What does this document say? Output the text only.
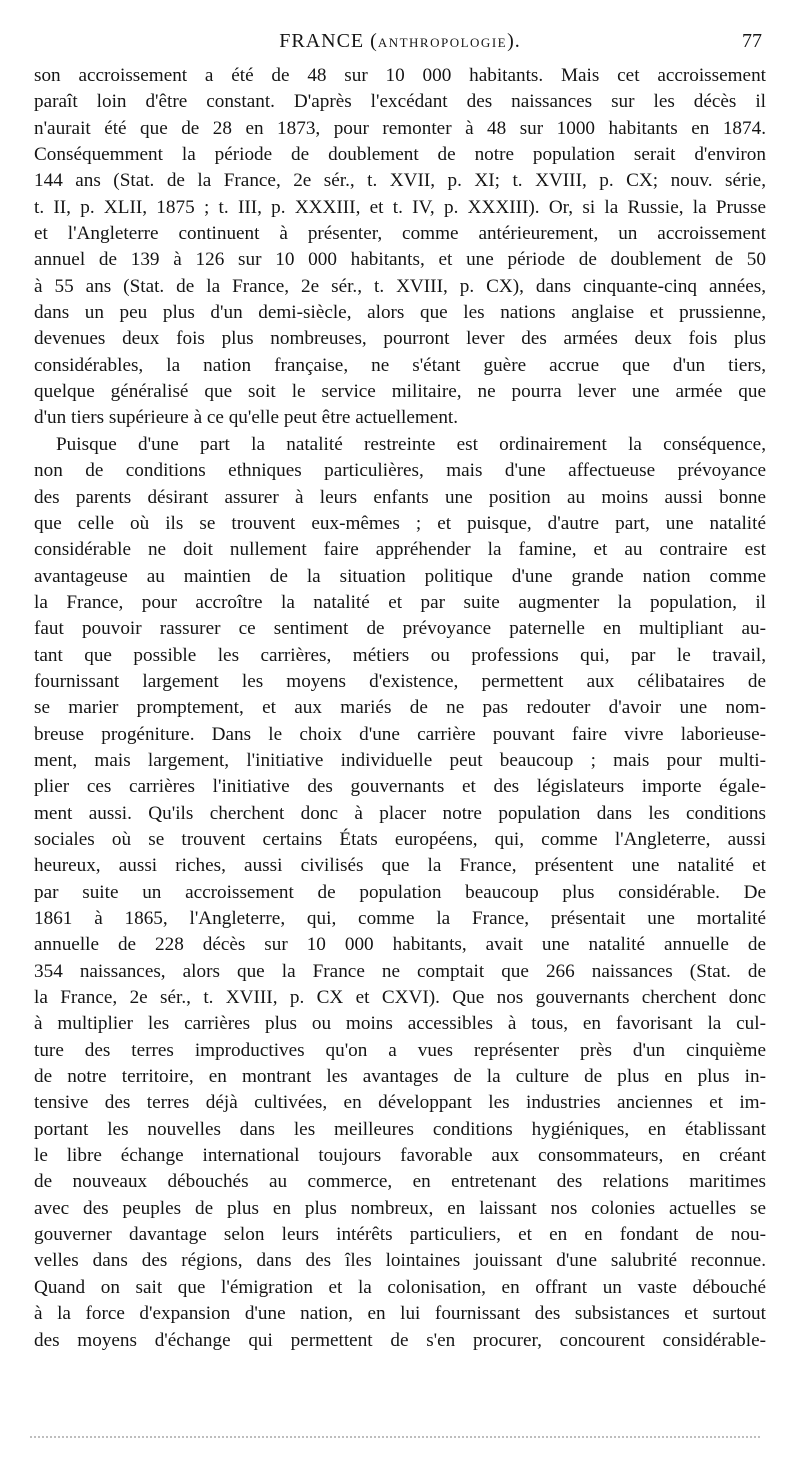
FRANCE (ANTHROPOLOGIE).	77
son accroissement a été de 48 sur 10 000 habitants. Mais cet accroissement
paraît loin d'être constant. D'après l'excédant des naissances sur les décès il
n'aurait été que de 28 en 1873, pour remonter à 48 sur 1000 habitants en 1874.
Conséquemment la période de doublement de notre population serait d'environ
144 ans (Stat. de la France, 2e sér., t. XVII, p. XI; t. XVIII, p. CX; nouv. série,
t. II, p. XLII, 1875 ; t. III, p. XXXIII, et t. IV, p. XXXIII). Or, si la Russie, la Prusse
et l'Angleterre continuent à présenter, comme antérieurement, un accroissement
annuel de 139 à 126 sur 10 000 habitants, et une période de doublement de 50
à 55 ans (Stat. de la France, 2e sér., t. XVIII, p. CX), dans cinquante-cinq années,
dans un peu plus d'un demi-siècle, alors que les nations anglaise et prussienne,
devenues deux fois plus nombreuses, pourront lever des armées deux fois plus
considérables, la nation française, ne s'étant guère accrue que d'un tiers,
quelque généralisé que soit le service militaire, ne pourra lever une armée que
d'un tiers supérieure à ce qu'elle peut être actuellement.
Puisque d'une part la natalité restreinte est ordinairement la conséquence,
non de conditions ethniques particulières, mais d'une affectueuse prévoyance
des parents désirant assurer à leurs enfants une position au moins aussi bonne
que celle où ils se trouvent eux-mêmes ; et puisque, d'autre part, une natalité
considérable ne doit nullement faire appréhender la famine, et au contraire est
avantageuse au maintien de la situation politique d'une grande nation comme
la France, pour accroître la natalité et par suite augmenter la population, il
faut pouvoir rassurer ce sentiment de prévoyance paternelle en multipliant au-
tant que possible les carrières, métiers ou professions qui, par le travail,
fournissant largement les moyens d'existence, permettent aux célibataires de
se marier promptement, et aux mariés de ne pas redouter d'avoir une nom-
breuse progéniture. Dans le choix d'une carrière pouvant faire vivre laborieuse-
ment, mais largement, l'initiative individuelle peut beaucoup ; mais pour multi-
plier ces carrières l'initiative des gouvernants et des législateurs importe égale-
ment aussi. Qu'ils cherchent donc à placer notre population dans les conditions
sociales où se trouvent certains États européens, qui, comme l'Angleterre, aussi
heureux, aussi riches, aussi civilisés que la France, présentent une natalité et
par suite un accroissement de population beaucoup plus considérable. De
1861 à 1865, l'Angleterre, qui, comme la France, présentait une mortalité
annuelle de 228 décès sur 10 000 habitants, avait une natalité annuelle de
354 naissances, alors que la France ne comptait que 266 naissances (Stat. de
la France, 2e sér., t. XVIII, p. CX et CXVI). Que nos gouvernants cherchent donc
à multiplier les carrières plus ou moins accessibles à tous, en favorisant la cul-
ture des terres improductives qu'on a vues représenter près d'un cinquième
de notre territoire, en montrant les avantages de la culture de plus en plus in-
tensive des terres déjà cultivées, en développant les industries anciennes et im-
portant les nouvelles dans les meilleures conditions hygiéniques, en établissant
le libre échange international toujours favorable aux consommateurs, en créant
de nouveaux débouchés au commerce, en entretenant des relations maritimes
avec des peuples de plus en plus nombreux, en laissant nos colonies actuelles se
gouverner davantage selon leurs intérêts particuliers, et en en fondant de nou-
velles dans des régions, dans des îles lointaines jouissant d'une salubrité reconnue.
Quand on sait que l'émigration et la colonisation, en offrant un vaste débouché
à la force d'expansion d'une nation, en lui fournissant des subsistances et surtout
des moyens d'échange qui permettent de s'en procurer, concourent considérable-
